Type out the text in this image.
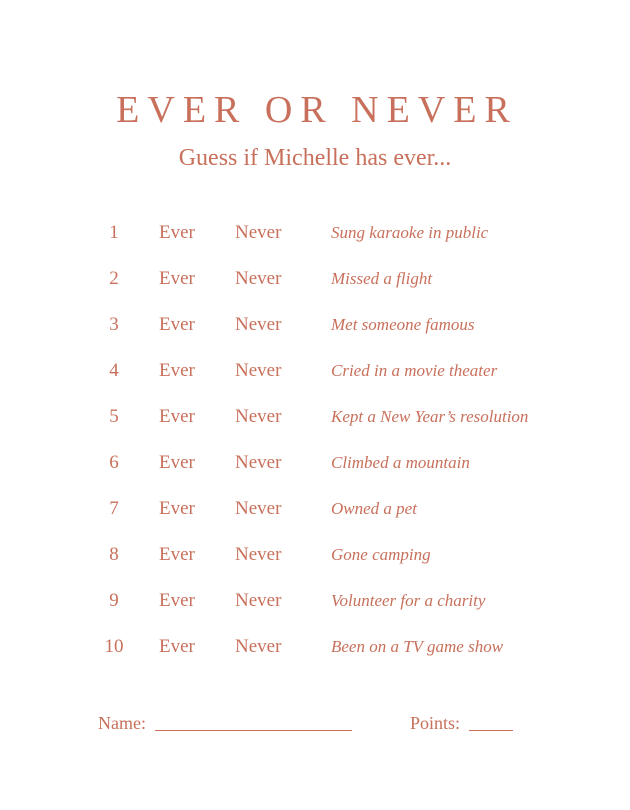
EVER OR NEVER
Guess if Michelle has ever...
1	Ever Never	Sung karaoke in public
2	Ever Never	Missed a flight
3	Ever Never	Met someone famous
4	Ever Never	Cried in a movie theater
5	Ever Never	Kept a New Year’s resolution
6	Ever Never	Climbed a mountain
7	Ever Never	Owned a pet
8	Ever Never	Gone camping
9	Ever Never	Volunteer for a charity
10	Ever Never	Been on a TV game show
Name:	Points:
